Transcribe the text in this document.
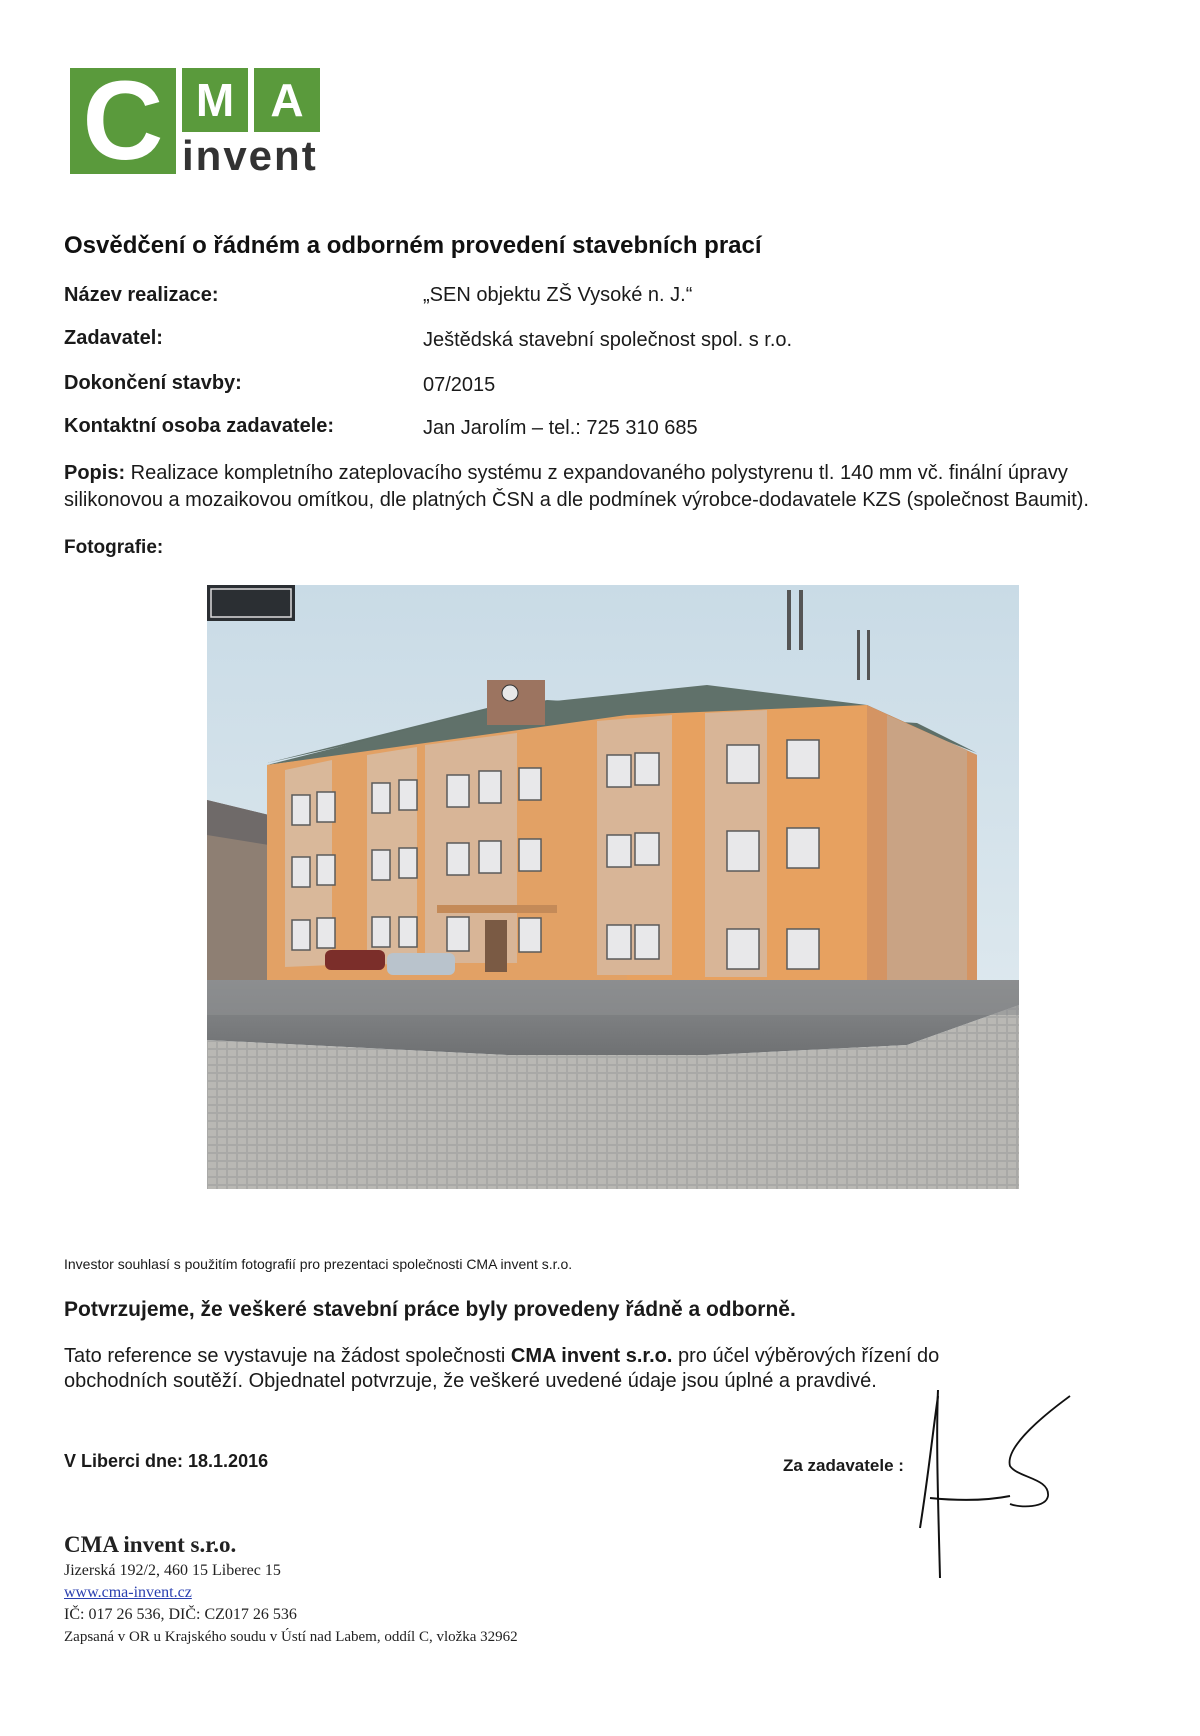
C M A
invent
Osvědčení o řádném a odborném provedení stavebních prací
Název realizace:	„SEN objektu ZŠ Vysoké n. J.“
Zadavatel:	Ještědská stavební společnost spol. s r.o.
Dokončení stavby:	07/2015
Kontaktní osoba zadavatele:	Jan Jarolím – tel.: 725 310 685
Popis: Realizace kompletního zateplovacího systému z expandovaného polystyrenu tl. 140 mm vč. finální úpravy silikonovou a mozaikovou omítkou, dle platných ČSN a dle podmínek výrobce-dodavatele KZS (společnost Baumit).
Fotografie:
Investor souhlasí s použitím fotografií pro prezentaci společnosti CMA invent s.r.o.
Potvrzujeme, že veškeré stavební práce byly provedeny řádně a odborně.
Tato reference se vystavuje na žádost společnosti CMA invent s.r.o. pro účel výběrových řízení do obchodních soutěží. Objednatel potvrzuje, že veškeré uvedené údaje jsou úplné a pravdivé.
V Liberci dne: 18.1.2016	Za zadavatele :
CMA invent s.r.o.
Jizerská 192/2, 460 15 Liberec 15
www.cma-invent.cz
IČ: 017 26 536, DIČ: CZ017 26 536
Zapsaná v OR u Krajského soudu v Ústí nad Labem, oddíl C, vložka 32962
